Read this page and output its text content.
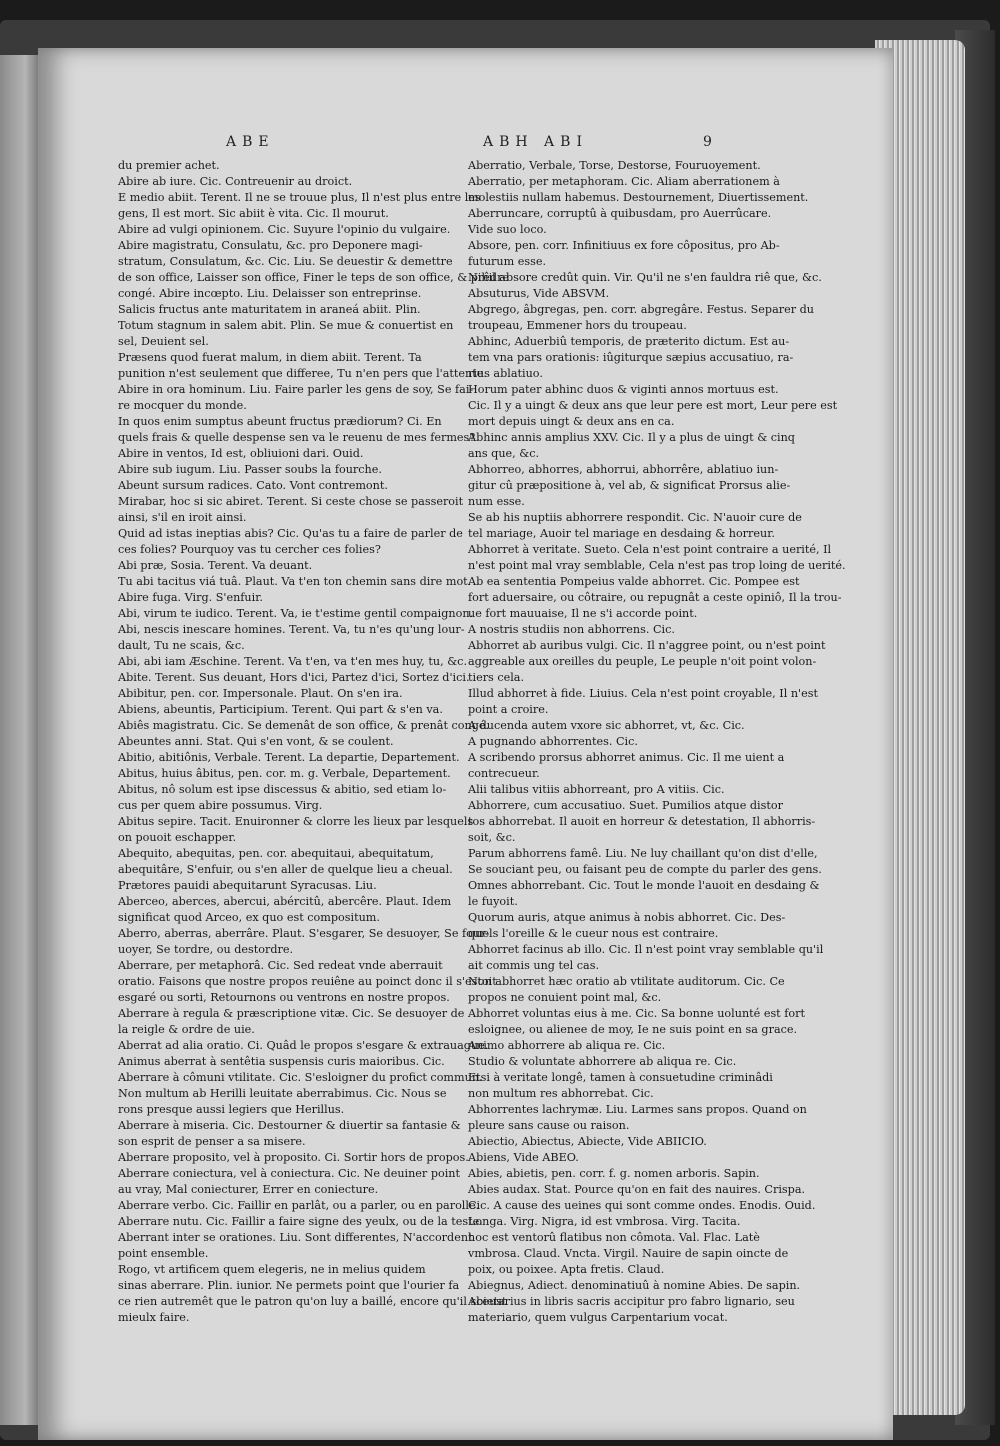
ABE	ABH ABI	9
du premier achet.
Abire ab iure. Cic. Contreuenir au droict.
E medio abiit. Terent. Il ne se trouue plus, Il n'est plus entre les
gens, Il est mort. Sic abiit è vita. Cic. Il mourut.
Abire ad vulgi opinionem. Cic. Suyure l'opinio du vulgaire.
Abire magistratu, Consulatu, &c. pro Deponere magi-
stratum, Consulatum, &c. Cic. Liu. Se deuestir & demettre
de son office, Laisser son office, Finer le teps de son office, & prêdre
congé. Abire incœpto. Liu. Delaisser son entreprinse.
Salicis fructus ante maturitatem in araneá abiit. Plin.
Totum stagnum in salem abit. Plin. Se mue & conuertist en
sel, Deuient sel.
Præsens quod fuerat malum, in diem abiit. Terent. Ta
punition n'est seulement que differee, Tu n'en pers que l'attente.
Abire in ora hominum. Liu. Faire parler les gens de soy, Se fai-
re mocquer du monde.
In quos enim sumptus abeunt fructus prædiorum? Ci. En
quels frais & quelle despense sen va le reuenu de mes fermes?
Abire in ventos, Id est, obliuioni dari. Ouid.
Abire sub iugum. Liu. Passer soubs la fourche.
Abeunt sursum radices. Cato. Vont contremont.
Mirabar, hoc si sic abiret. Terent. Si ceste chose se passeroit
ainsi, s'il en iroit ainsi.
Quid ad istas ineptias abis? Cic. Qu'as tu a faire de parler de
ces folies? Pourquoy vas tu cercher ces folies?
Abi præ, Sosia. Terent. Va deuant.
Tu abi tacitus viá tuâ. Plaut. Va t'en ton chemin sans dire mot.
Abire fuga. Virg. S'enfuir.
Abi, virum te iudico. Terent. Va, ie t'estime gentil compaignon.
Abi, nescis inescare homines. Terent. Va, tu n'es qu'ung lour-
dault, Tu ne scais, &c.
Abi, abi iam Æschine. Terent. Va t'en, va t'en mes huy, tu, &c.
Abite. Terent. Sus deuant, Hors d'ici, Partez d'ici, Sortez d'ici.
Abibitur, pen. cor. Impersonale. Plaut. On s'en ira.
Abiens, abeuntis, Participium. Terent. Qui part & s'en va.
Abiês magistratu. Cic. Se demenât de son office, & prenât congé.
Abeuntes anni. Stat. Qui s'en vont, & se coulent.
Abitio, abitiônis, Verbale. Terent. La departie, Departement.
Abitus, huius âbitus, pen. cor. m. g. Verbale, Departement.
Abitus, nô solum est ipse discessus & abitio, sed etiam lo-
cus per quem abire possumus. Virg.
Abitus sepire. Tacit. Enuironner & clorre les lieux par lesquels
on pouoit eschapper.
Abequito, abequitas, pen. cor. abequitaui, abequitatum,
abequitâre, S'enfuir, ou s'en aller de quelque lieu a cheual.
Prætores pauidi abequitarunt Syracusas. Liu.
Aberceo, aberces, abercui, abércitû, abercêre. Plaut. Idem
significat quod Arceo, ex quo est compositum.
Aberro, aberras, aberrâre. Plaut. S'esgarer, Se desuoyer, Se four-
uoyer, Se tordre, ou destordre.
Aberrare, per metaphorâ. Cic. Sed redeat vnde aberrauit
oratio. Faisons que nostre propos reuiêne au poinct donc il s'estoit
esgaré ou sorti, Retournons ou ventrons en nostre propos.
Aberrare à regula & præscriptione vitæ. Cic. Se desuoyer de
la reigle & ordre de uie.
Aberrat ad alia oratio. Ci. Quâd le propos s'esgare & extrauague.
Animus aberrat à sentêtia suspensis curis maioribus. Cic.
Aberrare à cômuni vtilitate. Cic. S'esloigner du profict commun.
Non multum ab Herilli leuitate aberrabimus. Cic. Nous se
rons presque aussi legiers que Herillus.
Aberrare à miseria. Cic. Destourner & diuertir sa fantasie &
son esprit de penser a sa misere.
Aberrare proposito, vel à proposito. Ci. Sortir hors de propos.
Aberrare coniectura, vel à coniectura. Cic. Ne deuiner point
au vray, Mal coniecturer, Errer en coniecture.
Aberrare verbo. Cic. Faillir en parlât, ou a parler, ou en parolle.
Aberrare nutu. Cic. Faillir a faire signe des yeulx, ou de la teste.
Aberrant inter se orationes. Liu. Sont differentes, N'accordent
point ensemble.
Rogo, vt artificem quem elegeris, ne in melius quidem
sinas aberrare. Plin. iunior. Ne permets point que l'ourier fa
ce rien autremêt que le patron qu'on luy a baillé, encore qu'il sceust
mieulx faire.
Aberratio, Verbale, Torse, Destorse, Fouruoyement.
Aberratio, per metaphoram. Cic. Aliam aberrationem à
molestiis nullam habemus. Destournement, Diuertissement.
Aberruncare, corruptû à quibusdam, pro Auerrûcare.
Vide suo loco.
Absore, pen. corr. Infinitiuus ex fore côpositus, pro Ab-
futurum esse.
Nihil absore credût quin. Vir. Qu'il ne s'en fauldra riê que, &c.
Absuturus, Vide ABSVM.
Abgrego, âbgregas, pen. corr. abgregâre. Festus. Separer du
troupeau, Emmener hors du troupeau.
Abhinc, Aduerbiû temporis, de præterito dictum. Est au-
tem vna pars orationis: iûgiturque sæpius accusatiuo, ra-
rius ablatiuo.
Horum pater abhinc duos & viginti annos mortuus est.
Cic. Il y a uingt & deux ans que leur pere est mort, Leur pere est
mort depuis uingt & deux ans en ca.
Abhinc annis amplius XXV. Cic. Il y a plus de uingt & cinq
ans que, &c.
Abhorreo, abhorres, abhorrui, abhorrêre, ablatiuo iun-
gitur cû præpositione à, vel ab, & significat Prorsus alie-
num esse.
Se ab his nuptiis abhorrere respondit. Cic. N'auoir cure de
tel mariage, Auoir tel mariage en desdaing & horreur.
Abhorret à veritate. Sueto. Cela n'est point contraire a uerité, Il
n'est point mal vray semblable, Cela n'est pas trop loing de uerité.
Ab ea sententia Pompeius valde abhorret. Cic. Pompee est
fort aduersaire, ou côtraire, ou repugnât a ceste opiniô, Il la trou-
ue fort mauuaise, Il ne s'i accorde point.
A nostris studiis non abhorrens. Cic.
Abhorret ab auribus vulgi. Cic. Il n'aggree point, ou n'est point
aggreable aux oreilles du peuple, Le peuple n'oit point volon-
tiers cela.
Illud abhorret à fide. Liuius. Cela n'est point croyable, Il n'est
point a croire.
A ducenda autem vxore sic abhorret, vt, &c. Cic.
A pugnando abhorrentes. Cic.
A scribendo prorsus abhorret animus. Cic. Il me uient a
contrecueur.
Alii talibus vitiis abhorreant, pro A vitiis. Cic.
Abhorrere, cum accusatiuo. Suet. Pumilios atque distor
tos abhorrebat. Il auoit en horreur & detestation, Il abhorris-
soit, &c.
Parum abhorrens famê. Liu. Ne luy chaillant qu'on dist d'elle,
Se souciant peu, ou faisant peu de compte du parler des gens.
Omnes abhorrebant. Cic. Tout le monde l'auoit en desdaing &
le fuyoit.
Quorum auris, atque animus à nobis abhorret. Cic. Des-
quels l'oreille & le cueur nous est contraire.
Abhorret facinus ab illo. Cic. Il n'est point vray semblable qu'il
ait commis ung tel cas.
Non abhorret hæc oratio ab vtilitate auditorum. Cic. Ce
propos ne conuient point mal, &c.
Abhorret voluntas eius à me. Cic. Sa bonne uolunté est fort
esloignee, ou alienee de moy, Ie ne suis point en sa grace.
Animo abhorrere ab aliqua re. Cic.
Studio & voluntate abhorrere ab aliqua re. Cic.
Etsi à veritate longê, tamen à consuetudine criminâdi
non multum res abhorrebat. Cic.
Abhorrentes lachrymæ. Liu. Larmes sans propos. Quand on
pleure sans cause ou raison.
Abiectio, Abiectus, Abiecte, Vide ABIICIO.
Abiens, Vide ABEO.
Abies, abietis, pen. corr. f. g. nomen arboris. Sapin.
Abies audax. Stat. Pource qu'on en fait des nauires. Crispa.
Cic. A cause des ueines qui sont comme ondes. Enodis. Ouid.
Longa. Virg. Nigra, id est vmbrosa. Virg. Tacita.
hoc est ventorû flatibus non cômota. Val. Flac. Latè
vmbrosa. Claud. Vncta. Virgil. Nauire de sapin oincte de
poix, ou poixee. Apta fretis. Claud.
Abiegnus, Adiect. denominatiuû à nomine Abies. De sapin.
Abietarius in libris sacris accipitur pro fabro lignario, seu
materiario, quem vulgus Carpentarium vocat.
